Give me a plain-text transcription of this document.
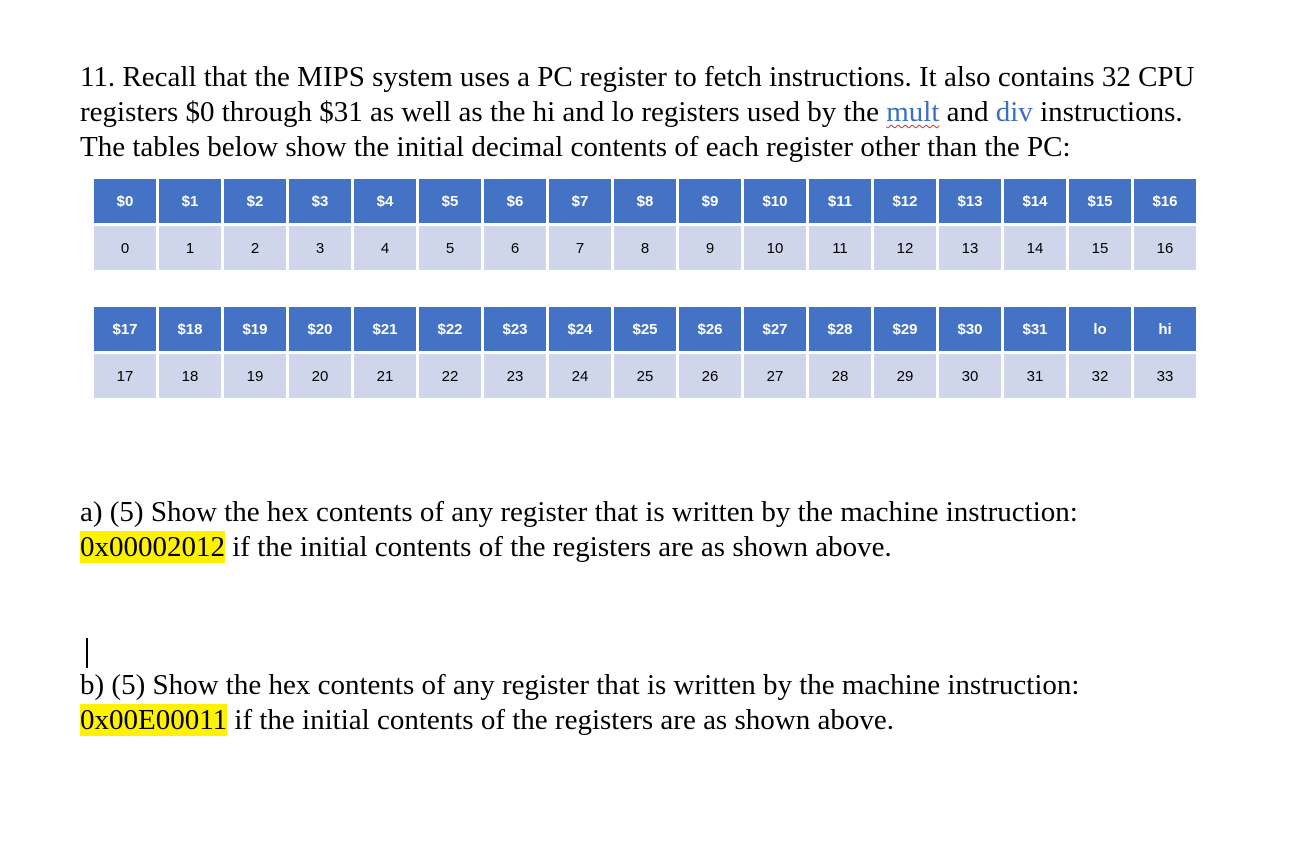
11. Recall that the MIPS system uses a PC register to fetch instructions. It also contains 32 CPU
registers $0 through $31 as well as the hi and lo registers used by the mult and div instructions.
The tables below show the initial decimal contents of each register other than the PC:
$0	$1	$2	$3	$4	$5	$6	$7	$8	$9	$10	$11	$12	$13	$14	$15	$16
0	1	2	3	4	5	6	7	8	9	10	11	12	13	14	15	16
$17	$18	$19	$20	$21	$22	$23	$24	$25	$26	$27	$28	$29	$30	$31	lo	hi
17	18	19	20	21	22	23	24	25	26	27	28	29	30	31	32	33
a) (5) Show the hex contents of any register that is written by the machine instruction:
0x00002012 if the initial contents of the registers are as shown above.
b) (5) Show the hex contents of any register that is written by the machine instruction:
0x00E00011 if the initial contents of the registers are as shown above.
